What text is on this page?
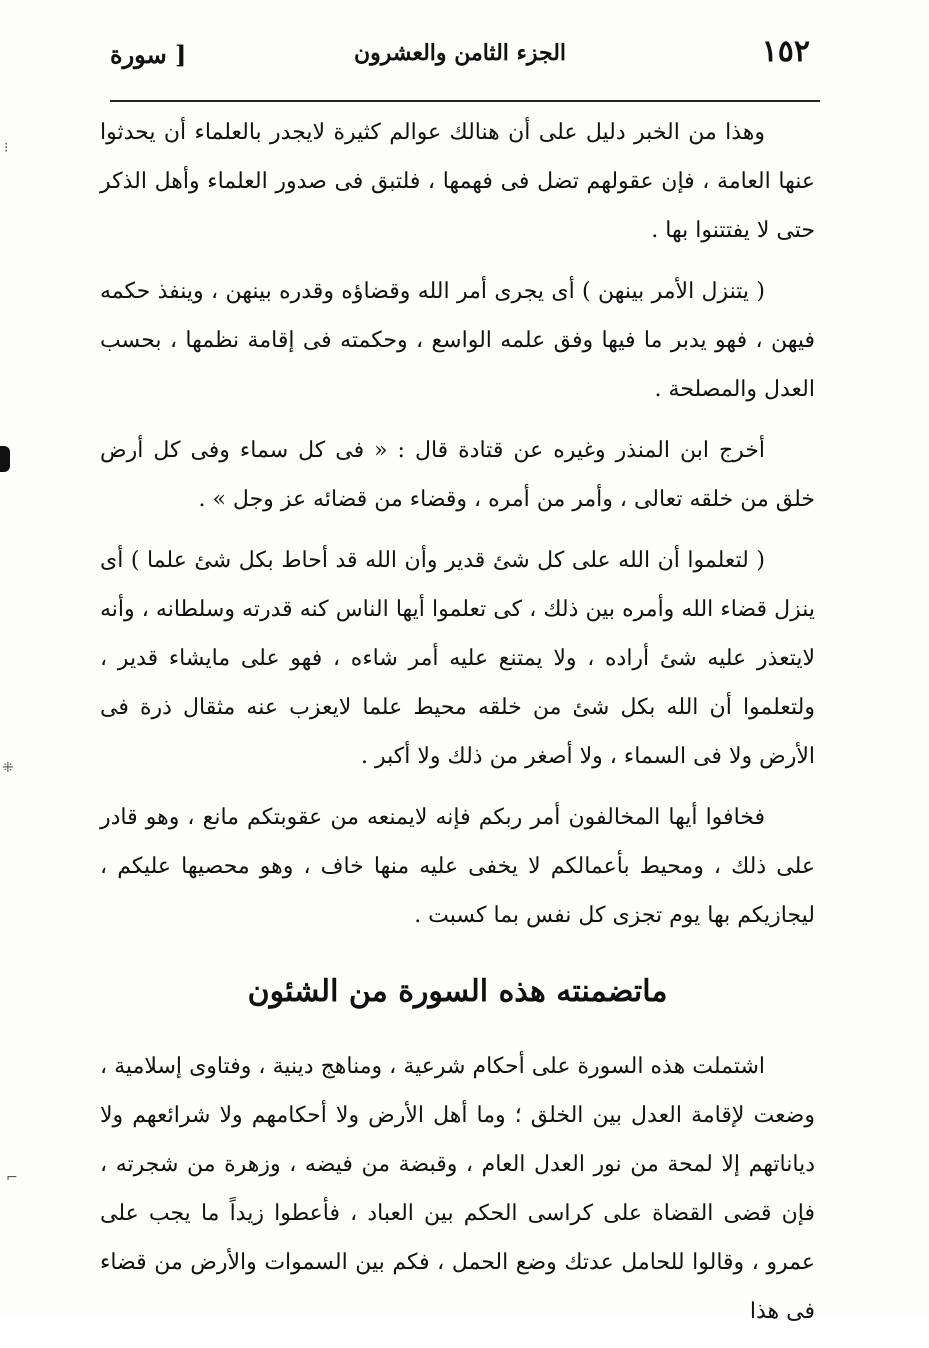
⁝
⁜
⌐
١٥٢
الجزء الثامن والعشرون
[ سورة

وهذا من الخبر دليل على أن هنالك عوالم كثيرة لايجدر بالعلماء أن يحدثوا عنها العامة ، فإن عقولهم تضل فى فهمها ، فلتبق فى صدور العلماء وأهل الذكر حتى لا يفتتنوا بها .

( يتنزل الأمر بينهن ) أى يجرى أمر الله وقضاؤه وقدره بينهن ، وينفذ حكمه فيهن ، فهو يدبر ما فيها وفق علمه الواسع ، وحكمته فى إقامة نظمها ، بحسب العدل والمصلحة .

أخرج ابن المنذر وغيره عن قتادة قال : « فى كل سماء وفى كل أرض خلق من خلقه تعالى ، وأمر من أمره ، وقضاء من قضائه عز وجل » .

( لتعلموا أن الله على كل شئ قدير وأن الله قد أحاط بكل شئ علما ) أى ينزل قضاء الله وأمره بين ذلك ، كى تعلموا أيها الناس كنه قدرته وسلطانه ، وأنه لايتعذر عليه شئ أراده ، ولا يمتنع عليه أمر شاءه ، فهو على مايشاء قدير ، ولتعلموا أن الله بكل شئ من خلقه محيط علما لايعزب عنه مثقال ذرة فى الأرض ولا فى السماء ، ولا أصغر من ذلك ولا أكبر .

فخافوا أيها المخالفون أمر ربكم فإنه لايمنعه من عقوبتكم مانع ، وهو قادر على ذلك ، ومحيط بأعمالكم لا يخفى عليه منها خاف ، وهو محصيها عليكم ، ليجازيكم بها يوم تجزى كل نفس بما كسبت .

ماتضمنته هذه السورة من الشئون

اشتملت هذه السورة على أحكام شرعية ، ومناهج دينية ، وفتاوى إسلامية ، وضعت لإقامة العدل بين الخلق ؛ وما أهل الأرض ولا أحكامهم ولا شرائعهم ولا دياناتهم إلا لمحة من نور العدل العام ، وقبضة من فيضه ، وزهرة من شجرته ، فإن قضى القضاة على كراسى الحكم بين العباد ، فأعطوا زيداً ما يجب على عمرو ، وقالوا للحامل عدتك وضع الحمل ، فكم بين السموات والأرض من قضاء فى هذا
